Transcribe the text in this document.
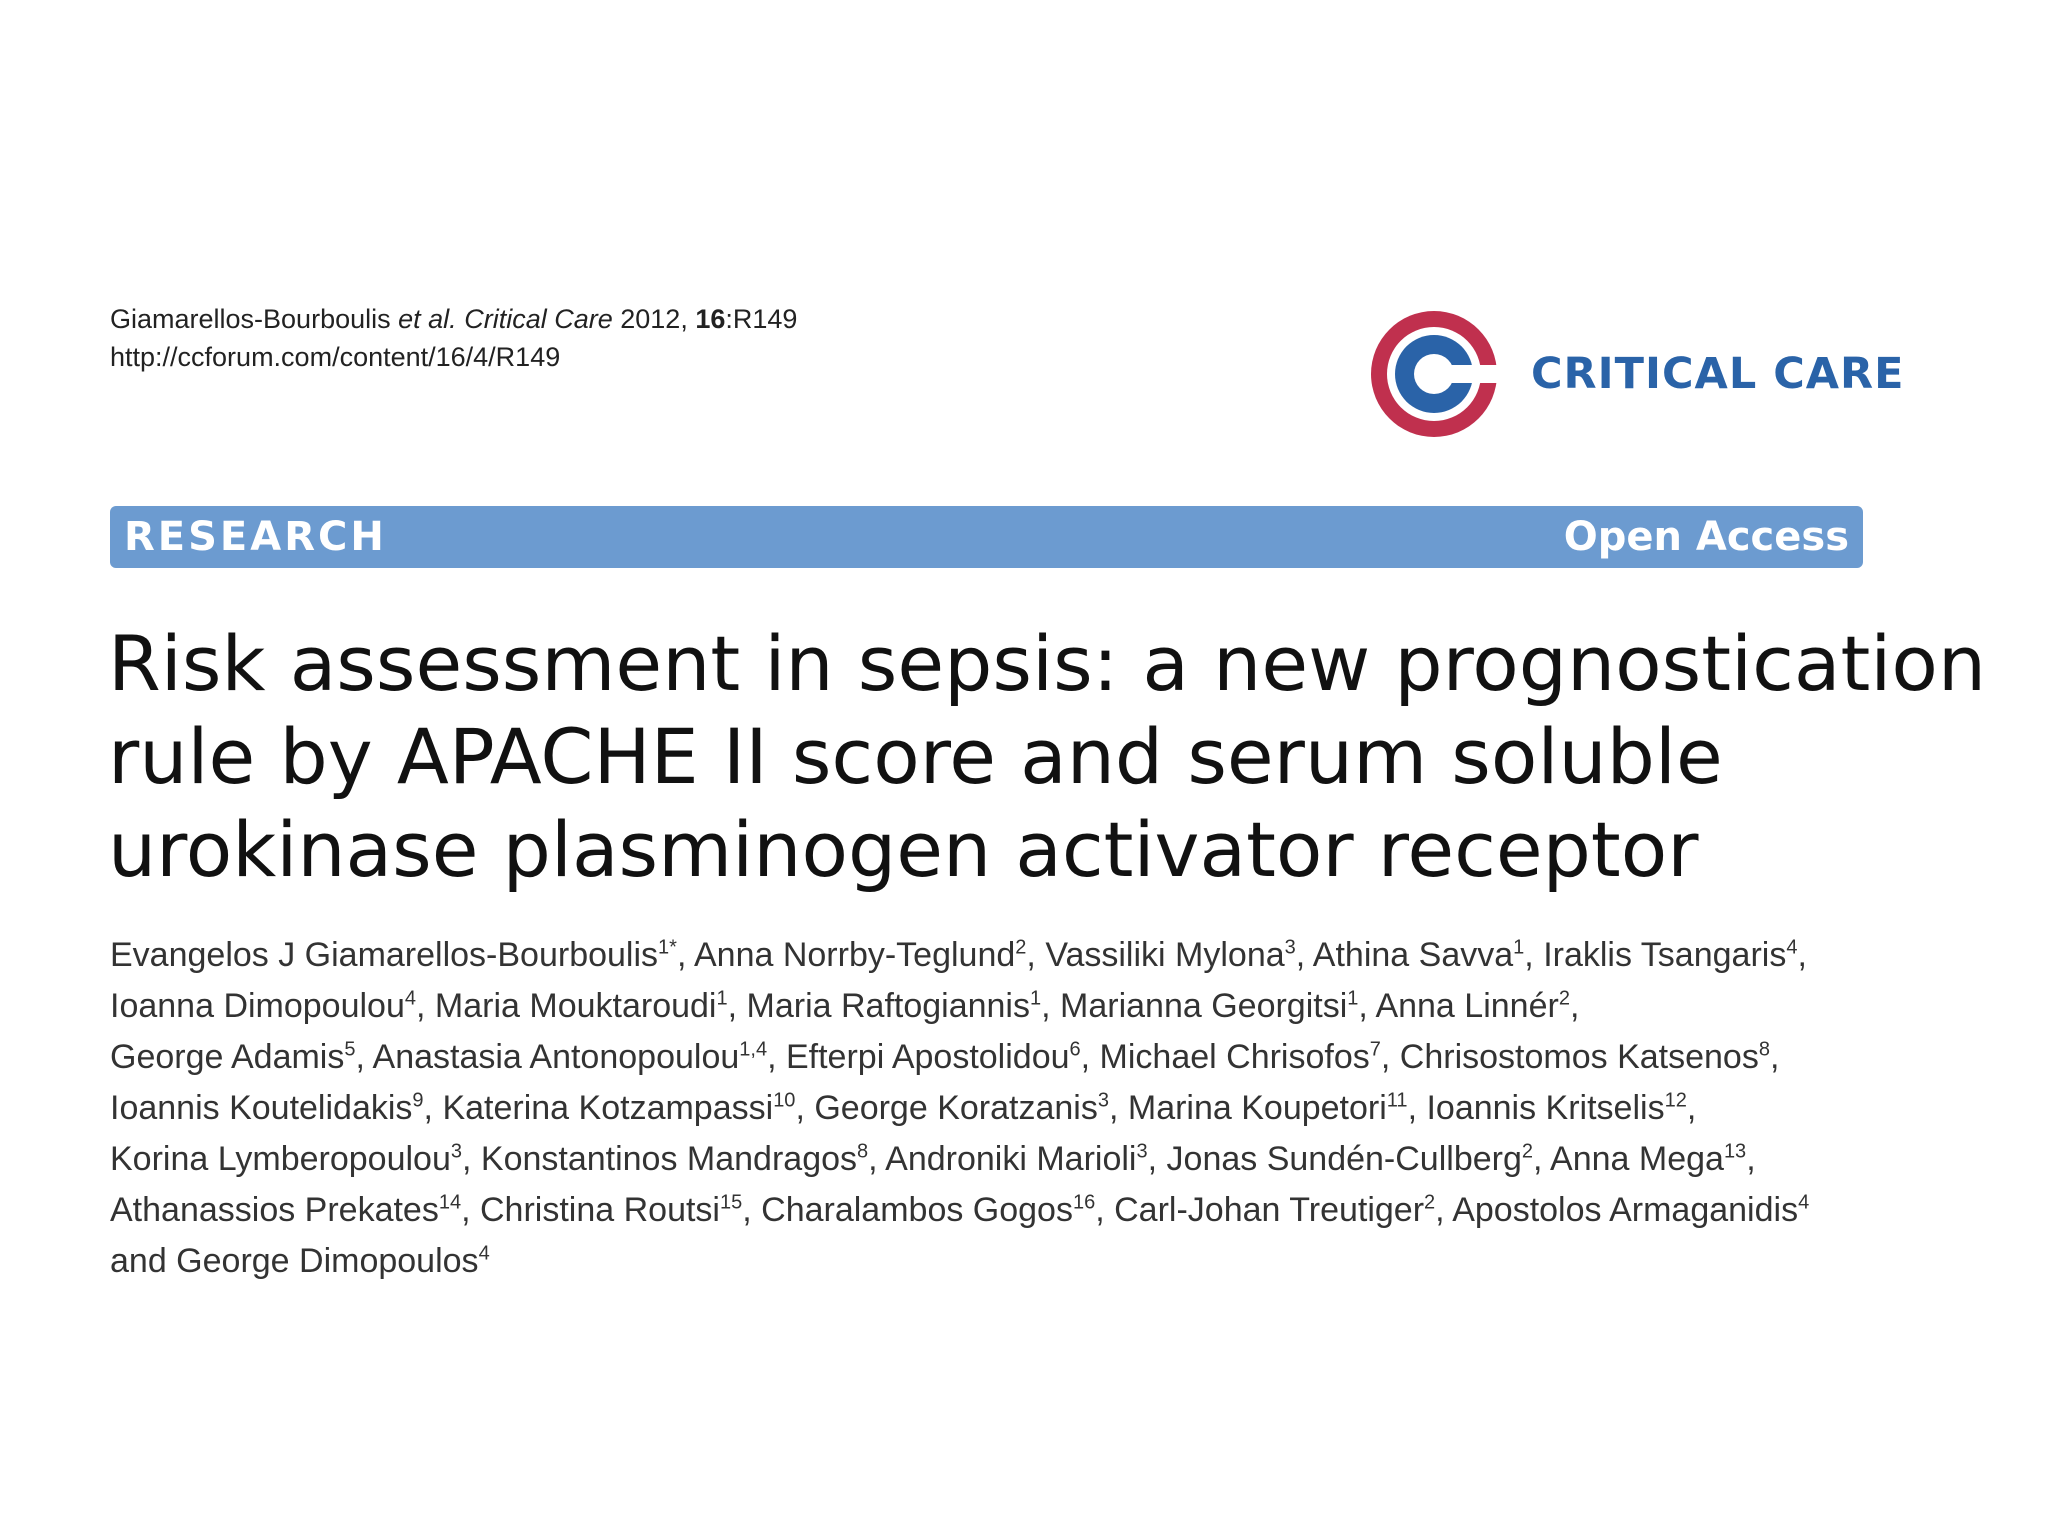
Giamarellos-Bourboulis et al. Critical Care 2012, 16:R149
http://ccforum.com/content/16/4/R149	CRITICAL CARE
RESEARCH	Open Access
Risk assessment in sepsis: a new prognostication
rule by APACHE II score and serum soluble
urokinase plasminogen activator receptor
Evangelos J Giamarellos-Bourboulis$^{1*}$, Anna Norrby-Teglund$^2$, Vassiliki Mylona$^3$, Athina Savva$^1$, Iraklis Tsangaris$^4$,
Ioanna Dimopoulou$^4$, Maria Mouktaroudi$^1$, Maria Raftogiannis$^1$, Marianna Georgitsi$^1$, Anna Linnér$^2$,
George Adamis$^5$, Anastasia Antonopoulou$^{1,4}$, Efterpi Apostolidou$^6$, Michael Chrisofos$^7$, Chrisostomos Katsenos$^8$,
Ioannis Koutelidakis$^9$, Katerina Kotzampassi$^{10}$, George Koratzanis$^3$, Marina Koupetori$^{11}$, Ioannis Kritselis$^{12}$,
Korina Lymberopoulou$^3$, Konstantinos Mandragos$^8$, Androniki Marioli$^3$, Jonas Sundén-Cullberg$^2$, Anna Mega$^{13}$,
Athanassios Prekates$^{14}$, Christina Routsi$^{15}$, Charalambos Gogos$^{16}$, Carl-Johan Treutiger$^2$, Apostolos Armaganidis$^4$
and George Dimopoulos$^4$
